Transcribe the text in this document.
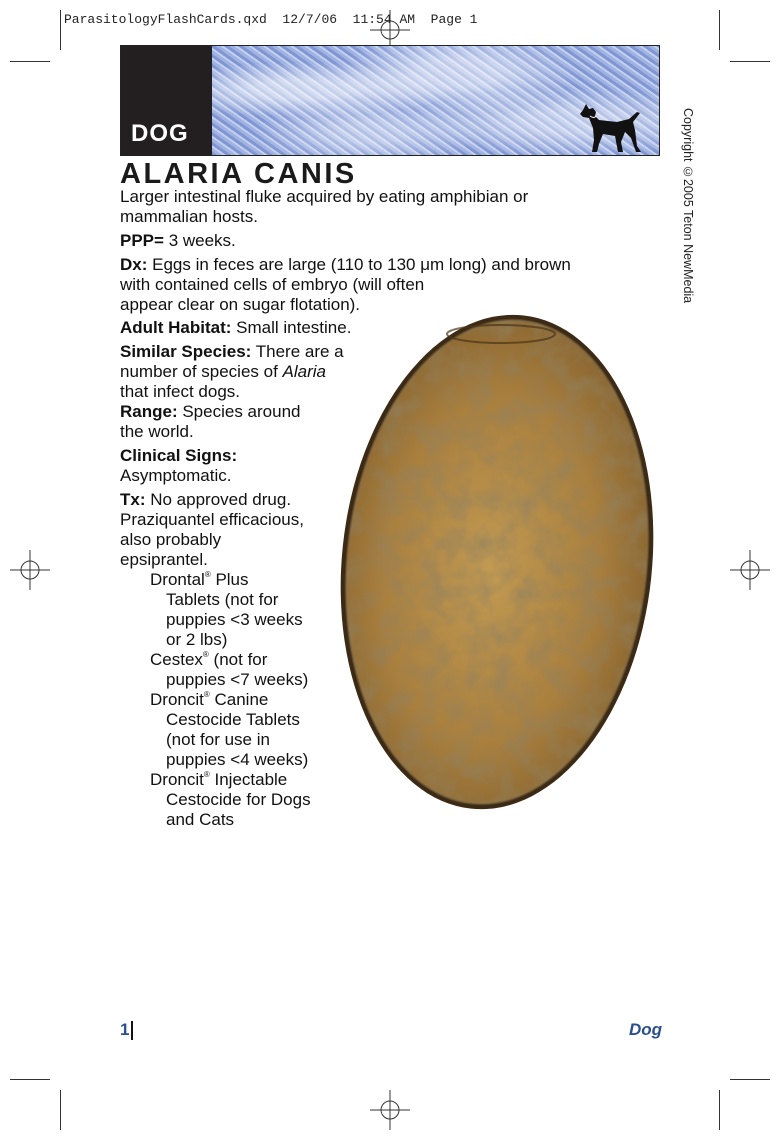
ParasitologyFlashCards.qxd  12/7/06  11:54 AM  Page 1
DOG	Copyright ©2005 Teton NewMedia
ALARIA CANIS

Larger intestinal fluke acquired by eating amphibian or
mammalian hosts.

PPP= 3 weeks.

Dx: Eggs in feces are large (110 to 130 μm long) and brown
with contained cells of embryo (will often
appear clear on sugar flotation).

Adult Habitat: Small intestine.

Similar Species: There are a
number of species of Alaria
that infect dogs.

Range: Species around
the world.

Clinical Signs:
Asymptomatic.

Tx: No approved drug.
Praziquantel efficacious,
also probably
epsiprantel.

Drontal® Plus
Tablets (not for
puppies <3 weeks
or 2 lbs)
Cestex® (not for
puppies <7 weeks)
Droncit® Canine
Cestocide Tablets
(not for use in
puppies <4 weeks)
Droncit® Injectable
Cestocide for Dogs
and Cats
1	Dog
